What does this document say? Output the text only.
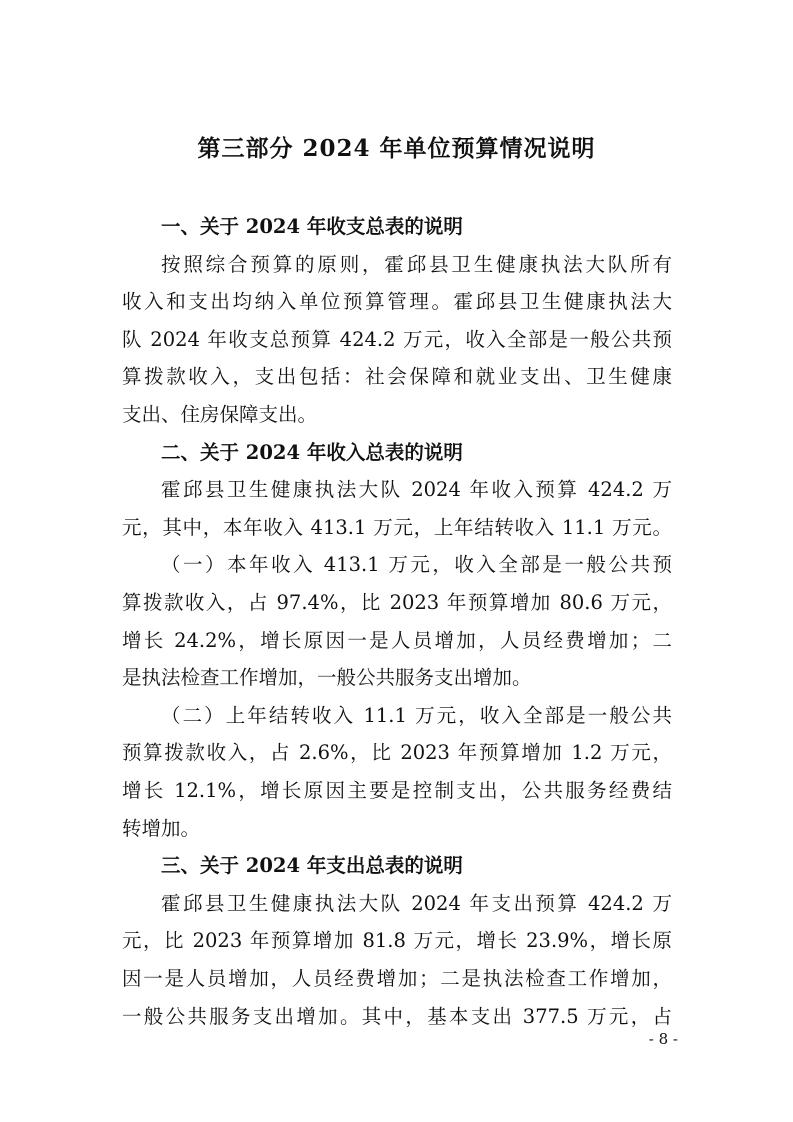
第三部分 2024 年单位预算情况说明
一、关于 2024 年收支总表的说明
按照综合预算的原则，霍邱县卫生健康执法大队所有
收入和支出均纳入单位预算管理。霍邱县卫生健康执法大
队 2024 年收支总预算 424.2 万元，收入全部是一般公共预
算拨款收入，支出包括：社会保障和就业支出、卫生健康
支出、住房保障支出。
二、关于 2024 年收入总表的说明
霍邱县卫生健康执法大队 2024 年收入预算 424.2 万
元，其中，本年收入 413.1 万元，上年结转收入 11.1 万元。
（一）本年收入 413.1 万元，收入全部是一般公共预
算拨款收入，占 97.4%，比 2023 年预算增加 80.6 万元，
增长 24.2%，增长原因一是人员增加，人员经费增加；二
是执法检查工作增加，一般公共服务支出增加。
（二）上年结转收入 11.1 万元，收入全部是一般公共
预算拨款收入，占 2.6%，比 2023 年预算增加 1.2 万元，
增长 12.1%，增长原因主要是控制支出，公共服务经费结
转增加。
三、关于 2024 年支出总表的说明
霍邱县卫生健康执法大队 2024 年支出预算 424.2 万
元，比 2023 年预算增加 81.8 万元，增长 23.9%，增长原
因一是人员增加，人员经费增加；二是执法检查工作增加，
一般公共服务支出增加。其中，基本支出 377.5 万元，占
- 8 -
